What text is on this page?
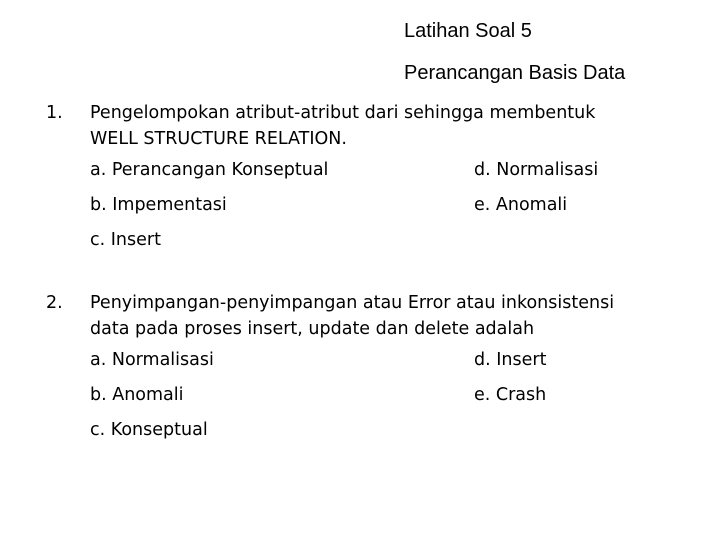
Latihan Soal 5
Perancangan Basis Data
1. Pengelompokan atribut-atribut dari sehingga membentuk
WELL STRUCTURE RELATION.
a. Perancangan Konseptual	d. Normalisasi
b. Impementasi	e. Anomali
c. Insert
2. Penyimpangan-penyimpangan atau Error atau inkonsistensi
data pada proses insert, update dan delete adalah
a. Normalisasi	d. Insert
b. Anomali	e. Crash
c. Konseptual
